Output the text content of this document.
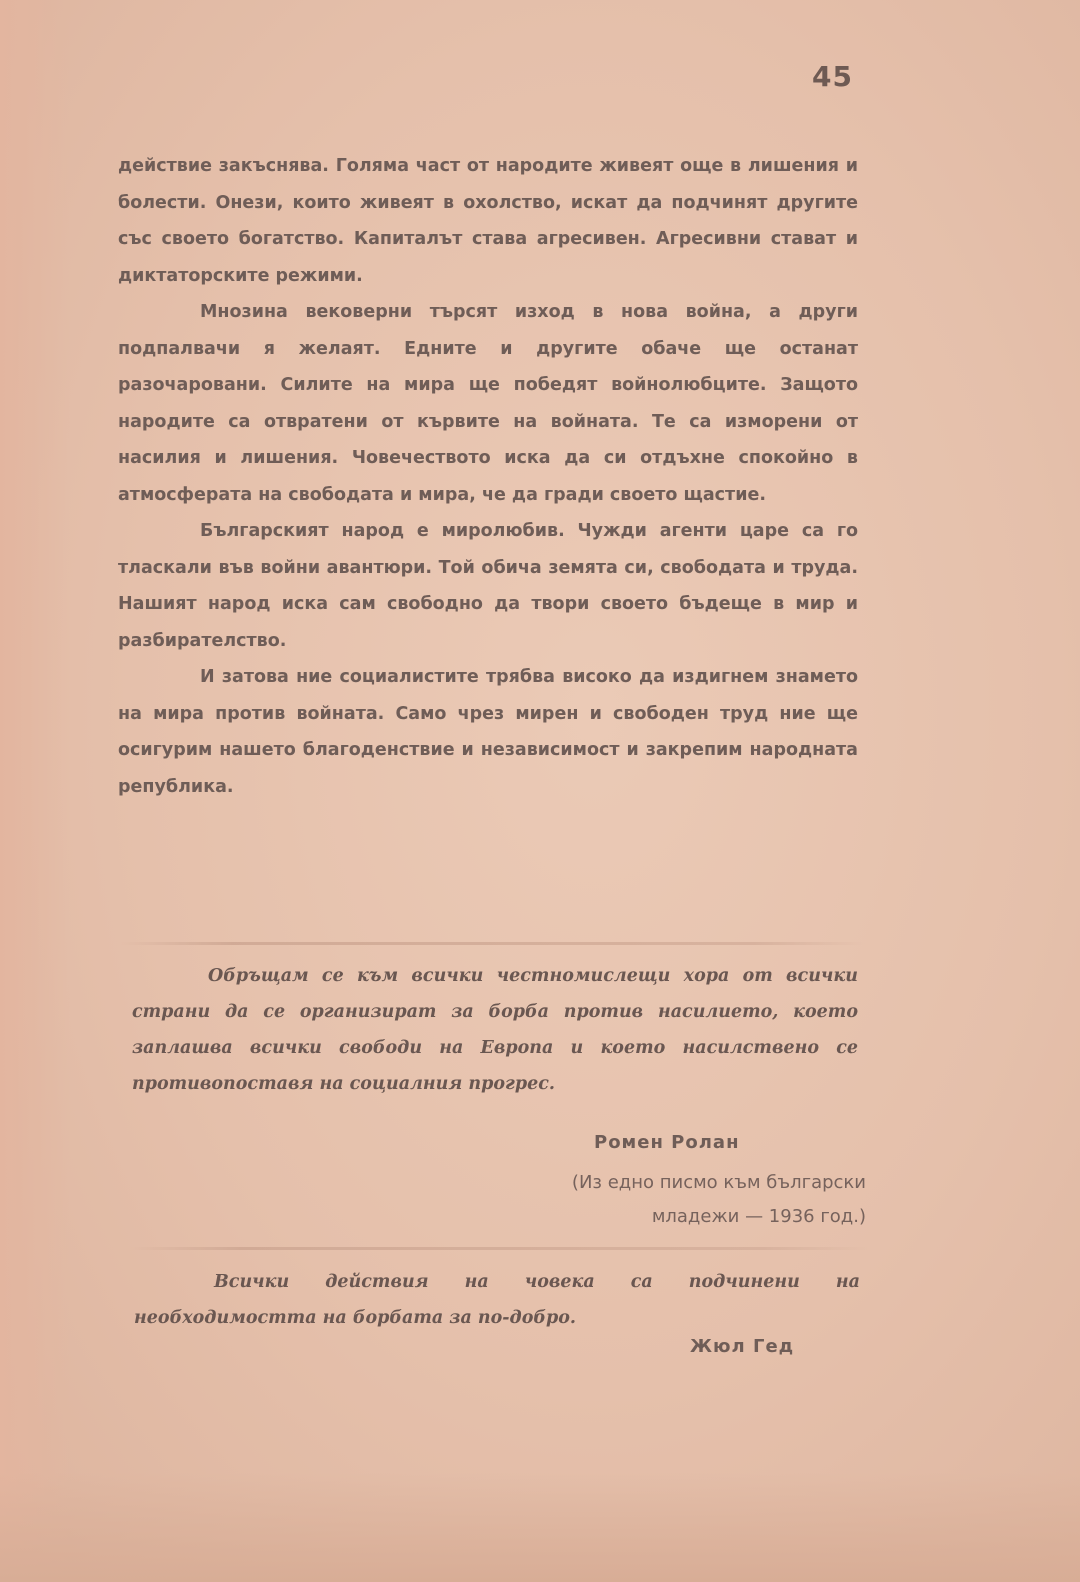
45

действие закъснява. Голяма част от народите живеят още в лишения и болести. Онези, които живеят в охолство, искат да подчинят другите със своето богатство. Капиталът става агресивен. Агресивни стават и диктаторските режими.

Мнозина вековерни търсят изход в нова война, а други подпалвачи я желаят. Едните и другите обаче ще останат разочаровани. Силите на мира ще победят войнолюбците. Защото народите са отвратени от кървите на войната. Те са изморени от насилия и лишения. Човечеството иска да си отдъхне спокойно в атмосферата на свободата и мира, че да гради своето щастие.

Българският народ е миролюбив. Чужди агенти царе са го тласкали във войни авантюри. Той обича земята си, свободата и труда. Нашият народ иска сам свободно да твори своето бъдеще в мир и разбирателство.

И затова ние социалистите трябва високо да издигнем знамето на мира против войната. Само чрез мирен и свободен труд ние ще осигурим нашето благоденствие и независимост и закрепим народната република.

Обръщам се към всички честномислещи хора от всички страни да се организират за борба против насилието, което заплашва всички свободи на Европа и което насилствено се противопоставя на социалния прогрес.

Ромен Ролан
(Из едно писмо към български младежи — 1936 год.)

Всички действия на човека са подчинени на необходимостта на борбата за по-добро.

Жюл Гед
